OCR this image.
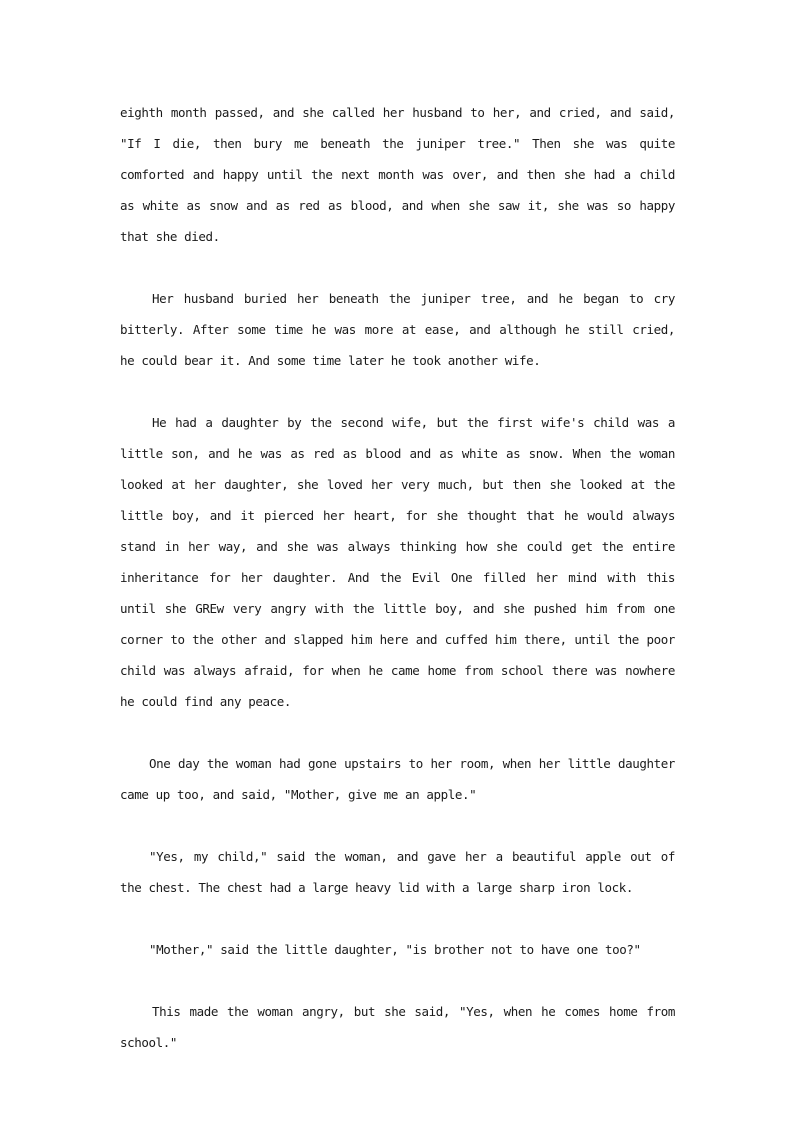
eighth month passed, and she called her husband to her, and cried, and said, "If I die, then bury me beneath the juniper tree." Then she was quite comforted and happy until the next month was over, and then she had a child as white as snow and as red as blood, and when she saw it, she was so happy that she died.

Her husband buried her beneath the juniper tree, and he began to cry bitterly. After some time he was more at ease, and although he still cried, he could bear it. And some time later he took another wife.

He had a daughter by the second wife, but the first wife's child was a little son, and he was as red as blood and as white as snow. When the woman looked at her daughter, she loved her very much, but then she looked at the little boy, and it pierced her heart, for she thought that he would always stand in her way, and she was always thinking how she could get the entire inheritance for her daughter. And the Evil One filled her mind with this until she GREw very angry with the little boy, and she pushed him from one corner to the other and slapped him here and cuffed him there, until the poor child was always afraid, for when he came home from school there was nowhere he could find any peace.

One day the woman had gone upstairs to her room, when her little daughter came up too, and said, "Mother, give me an apple."

"Yes, my child," said the woman, and gave her a beautiful apple out of the chest. The chest had a large heavy lid with a large sharp iron lock.

"Mother," said the little daughter, "is brother not to have one too?"

This made the woman angry, but she said, "Yes, when he comes home from school."
